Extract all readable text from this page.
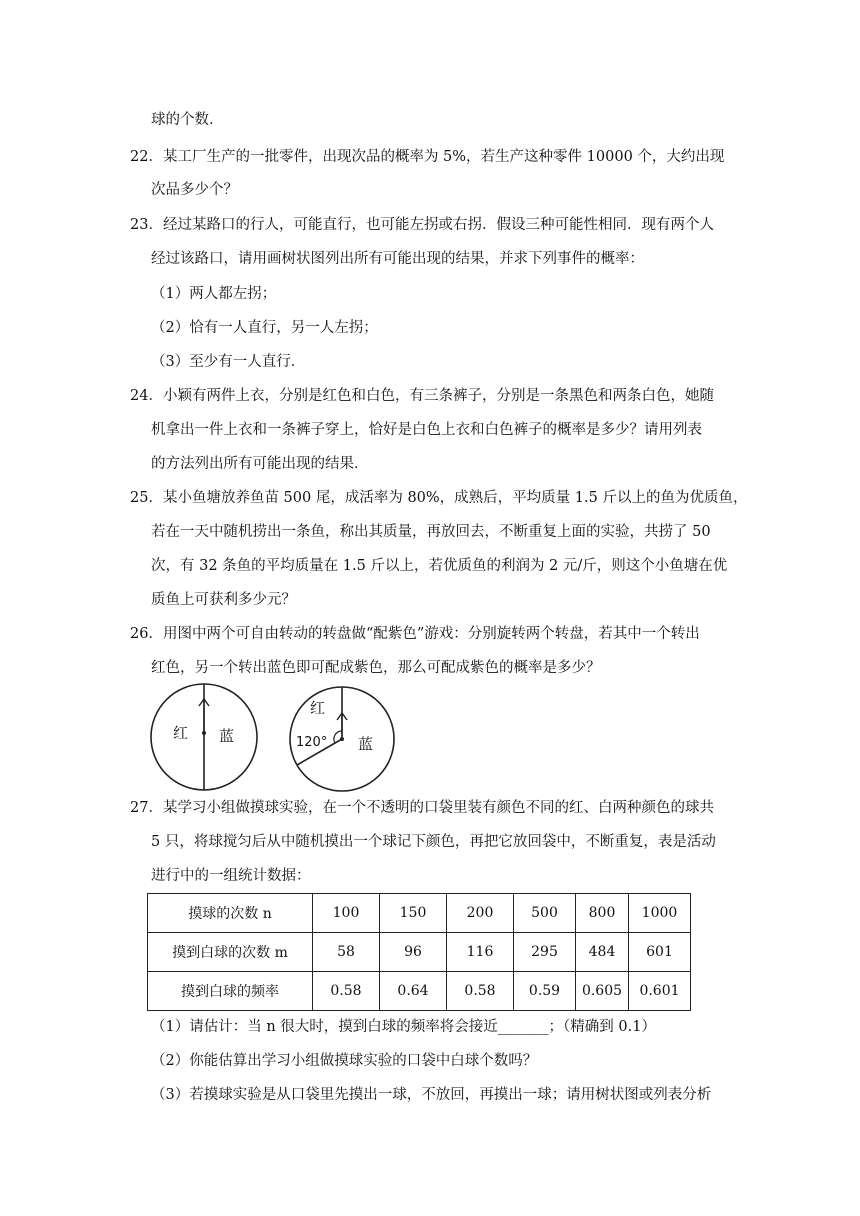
球的个数．
22．某工厂生产的一批零件，出现次品的概率为 5%，若生产这种零件 10000 个，大约出现
次品多少个？
23．经过某路口的行人，可能直行，也可能左拐或右拐．假设三种可能性相同．现有两个人
经过该路口，请用画树状图列出所有可能出现的结果，并求下列事件的概率：
（1）两人都左拐；
（2）恰有一人直行，另一人左拐；
（3）至少有一人直行．
24．小颖有两件上衣，分别是红色和白色，有三条裤子，分别是一条黑色和两条白色，她随
机拿出一件上衣和一条裤子穿上，恰好是白色上衣和白色裤子的概率是多少？请用列表
的方法列出所有可能出现的结果．
25．某小鱼塘放养鱼苗 500 尾，成活率为 80%，成熟后，平均质量 1.5 斤以上的鱼为优质鱼，
若在一天中随机捞出一条鱼，称出其质量，再放回去，不断重复上面的实验，共捞了 50
次，有 32 条鱼的平均质量在 1.5 斤以上，若优质鱼的利润为 2 元/斤，则这个小鱼塘在优
质鱼上可获利多少元？
26．用图中两个可自由转动的转盘做“配紫色”游戏：分别旋转两个转盘，若其中一个转出
红色，另一个转出蓝色即可配成紫色，那么可配成紫色的概率是多少？
红 蓝
红
120° 蓝
27．某学习小组做摸球实验，在一个不透明的口袋里装有颜色不同的红、白两种颜色的球共
5 只，将球搅匀后从中随机摸出一个球记下颜色，再把它放回袋中，不断重复，表是活动
进行中的一组统计数据：
摸球的次数 n	100	150	200	500	800	1000
摸到白球的次数 m	58	96	116	295	484	601
摸到白球的频率	0.58	0.64	0.58	0.59	0.605	0.601
（1）请估计：当 n 很大时，摸到白球的频率将会接近_______；（精确到 0.1）
（2）你能估算出学习小组做摸球实验的口袋中白球个数吗？
（3）若摸球实验是从口袋里先摸出一球，不放回，再摸出一球；请用树状图或列表分析
